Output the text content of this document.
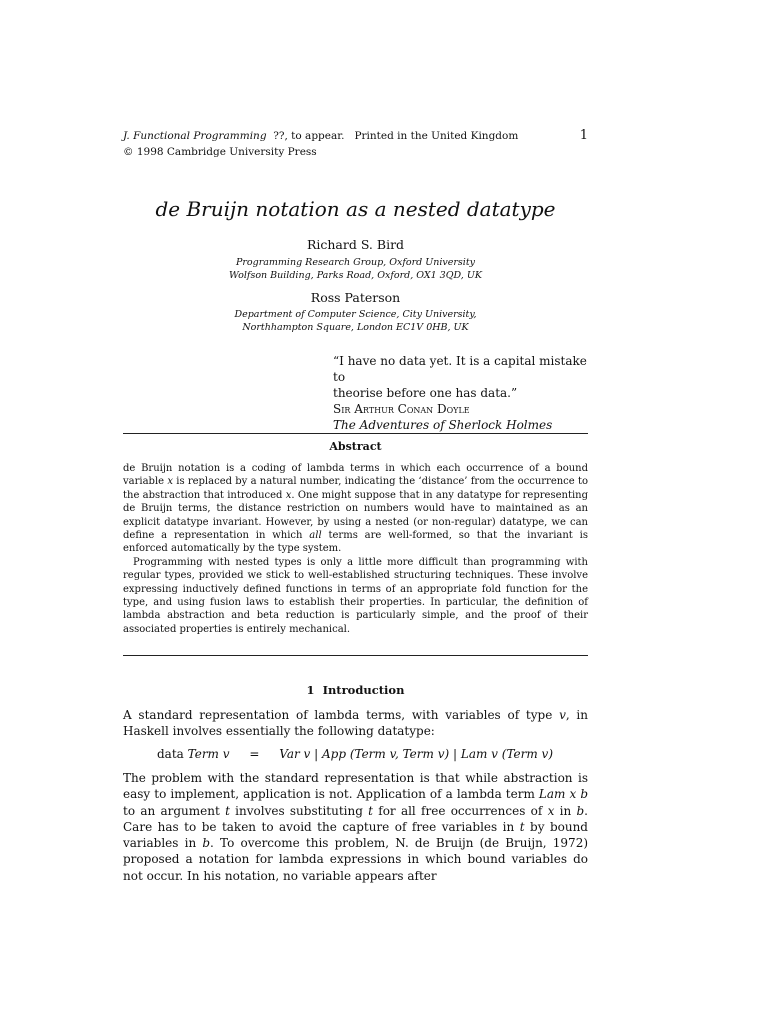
J. Functional Programming ??, to appear. Printed in the United Kingdom
© 1998 Cambridge University Press
1
de Bruijn notation as a nested datatype
Richard S. Bird
Programming Research Group, Oxford University
Wolfson Building, Parks Road, Oxford, OX1 3QD, UK
Ross Paterson
Department of Computer Science, City University,
Northhampton Square, London EC1V 0HB, UK
“I have no data yet. It is a capital mistake to
theorise before one has data.”
Sir Arthur Conan Doyle
The Adventures of Sherlock Holmes
Abstract

de Bruijn notation is a coding of lambda terms in which each occurrence of a bound variable x is replaced by a natural number, indicating the ‘distance’ from the occurrence to the abstraction that introduced x. One might suppose that in any datatype for representing de Bruijn terms, the distance restriction on numbers would have to maintained as an explicit datatype invariant. However, by using a nested (or non-regular) datatype, we can define a representation in which all terms are well-formed, so that the invariant is enforced automatically by the type system.

Programming with nested types is only a little more difficult than programming with regular types, provided we stick to well-established structuring techniques. These involve expressing inductively defined functions in terms of an appropriate fold function for the type, and using fusion laws to establish their properties. In particular, the definition of lambda abstraction and beta reduction is particularly simple, and the proof of their associated properties is entirely mechanical.

1 Introduction

A standard representation of lambda terms, with variables of type v, in Haskell involves essentially the following datatype:

data Term v = Var v | App (Term v, Term v) | Lam v (Term v)

The problem with the standard representation is that while abstraction is easy to implement, application is not. Application of a lambda term Lam x b to an argument t involves substituting t for all free occurrences of x in b. Care has to be taken to avoid the capture of free variables in t by bound variables in b. To overcome this problem, N. de Bruijn (de Bruijn, 1972) proposed a notation for lambda expressions in which bound variables do not occur. In his notation, no variable appears after
